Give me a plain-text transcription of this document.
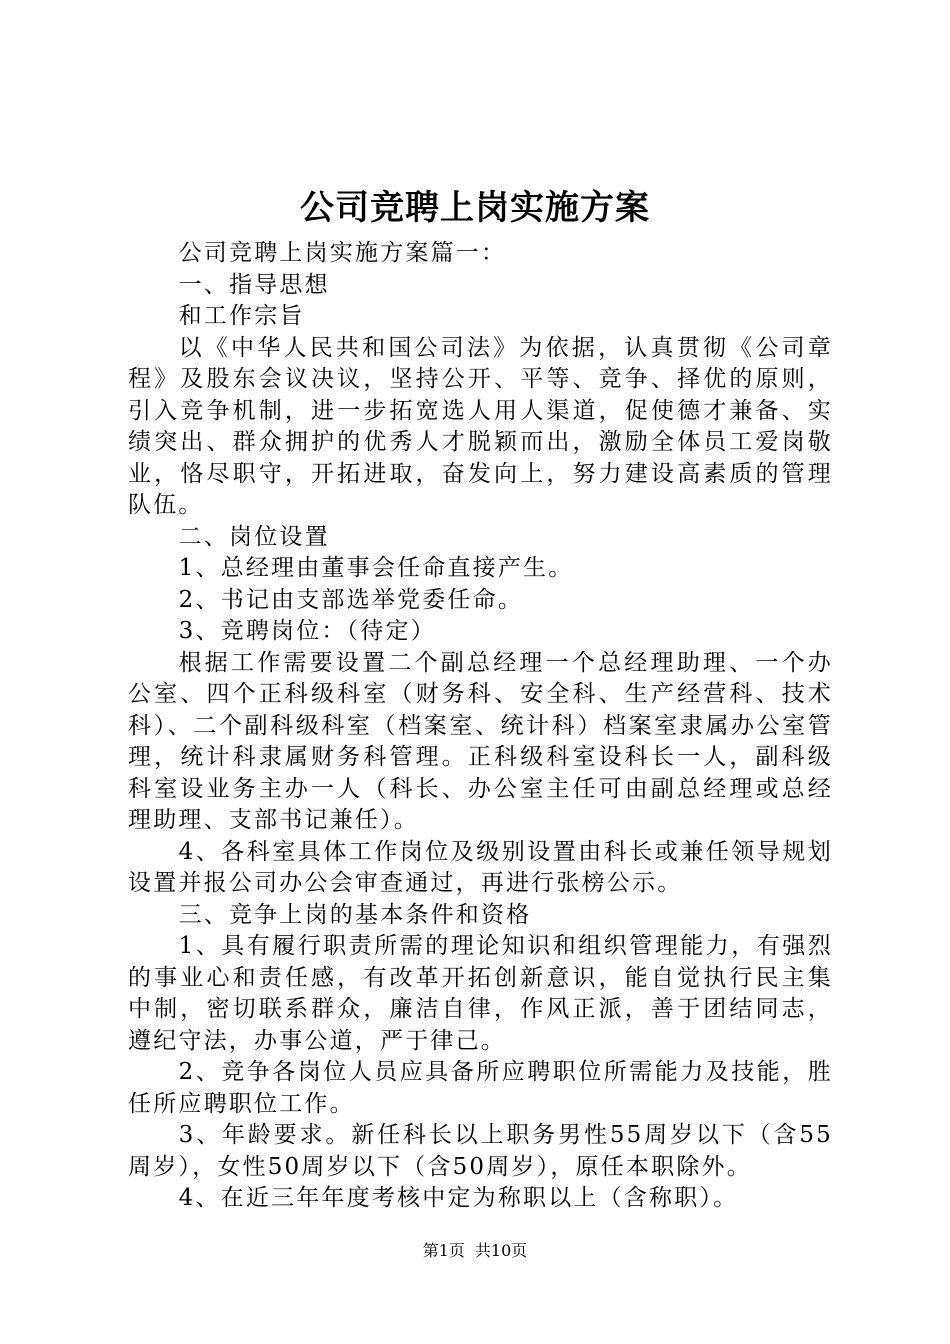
公司竞聘上岗实施方案

公司竞聘上岗实施方案篇一：

一、指导思想

和工作宗旨

以《中华人民共和国公司法》为依据，认真贯彻《公司章程》及股东会议决议，坚持公开、平等、竞争、择优的原则，引入竞争机制，进一步拓宽选人用人渠道，促使德才兼备、实绩突出、群众拥护的优秀人才脱颖而出，激励全体员工爱岗敬业，恪尽职守，开拓进取，奋发向上，努力建设高素质的管理队伍。

二、岗位设置

1、总经理由董事会任命直接产生。

2、书记由支部选举党委任命。

3、竞聘岗位：（待定）

根据工作需要设置二个副总经理一个总经理助理、一个办公室、四个正科级科室（财务科、安全科、生产经营科、技术科）、二个副科级科室（档案室、统计科）档案室隶属办公室管理，统计科隶属财务科管理。正科级科室设科长一人，副科级科室设业务主办一人（科长、办公室主任可由副总经理或总经理助理、支部书记兼任）。

4、各科室具体工作岗位及级别设置由科长或兼任领导规划设置并报公司办公会审查通过，再进行张榜公示。

三、竞争上岗的基本条件和资格

1、具有履行职责所需的理论知识和组织管理能力，有强烈的事业心和责任感，有改革开拓创新意识，能自觉执行民主集中制，密切联系群众，廉洁自律，作风正派，善于团结同志，遵纪守法，办事公道，严于律己。

2、竞争各岗位人员应具备所应聘职位所需能力及技能，胜任所应聘职位工作。

3、年龄要求。新任科长以上职务男性55周岁以下（含55周岁），女性50周岁以下（含50周岁），原任本职除外。

4、在近三年年度考核中定为称职以上（含称职）。

第1页 共10页
